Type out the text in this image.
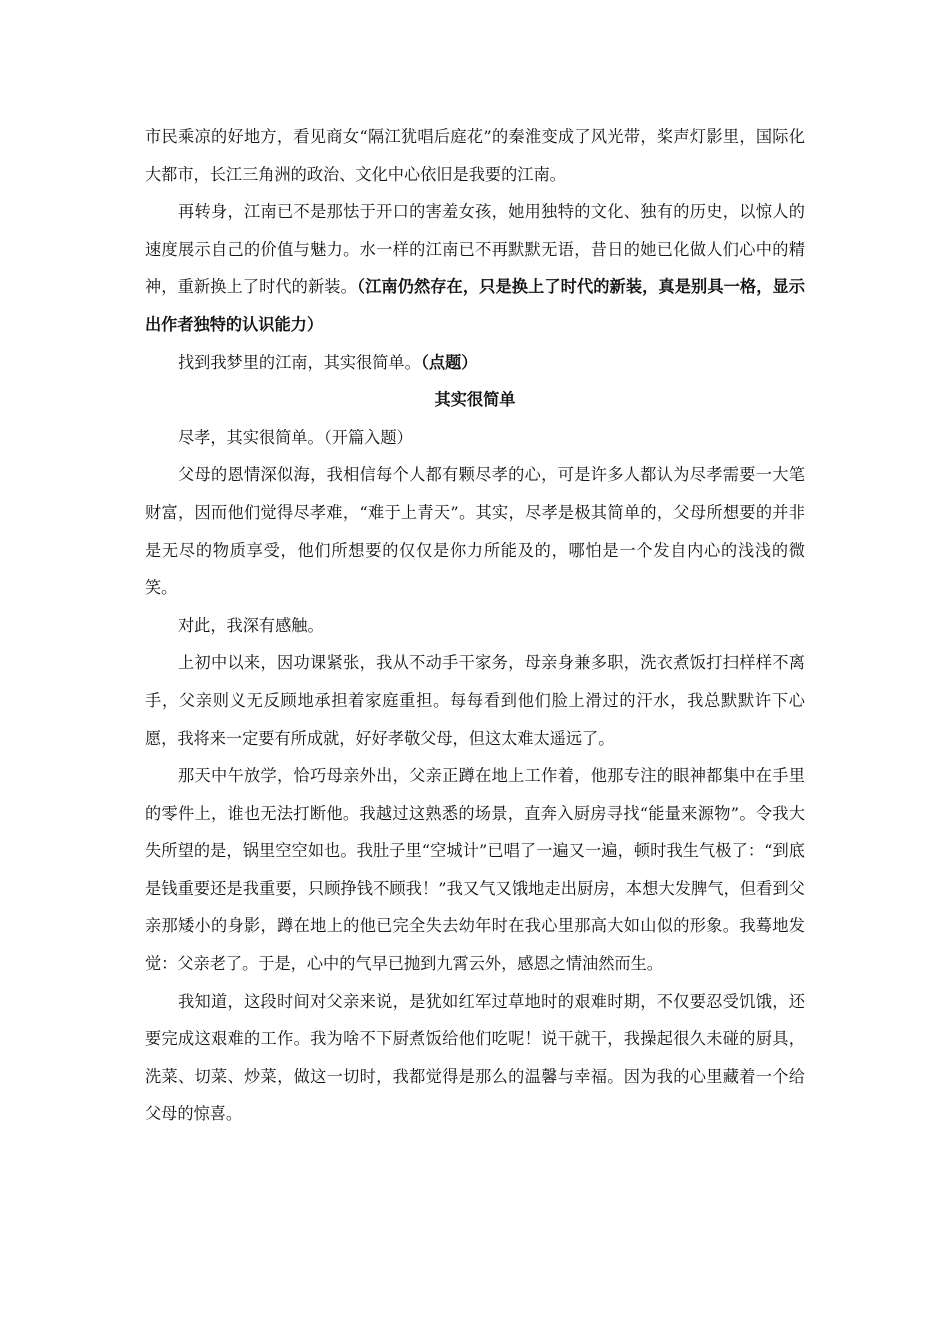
市民乘凉的好地方，看见商女“隔江犹唱后庭花”的秦淮变成了风光带，桨声灯影里，国际化大都市，长江三角洲的政治、文化中心依旧是我要的江南。

再转身，江南已不是那怯于开口的害羞女孩，她用独特的文化、独有的历史，以惊人的速度展示自己的价值与魅力。水一样的江南已不再默默无语，昔日的她已化做人们心中的精神，重新换上了时代的新装。（江南仍然存在，只是换上了时代的新装，真是别具一格，显示出作者独特的认识能力）

找到我梦里的江南，其实很简单。（点题）

其实很简单

尽孝，其实很简单。（开篇入题）

父母的恩情深似海，我相信每个人都有颗尽孝的心，可是许多人都认为尽孝需要一大笔财富，因而他们觉得尽孝难，“难于上青天”。其实，尽孝是极其简单的，父母所想要的并非是无尽的物质享受，他们所想要的仅仅是你力所能及的，哪怕是一个发自内心的浅浅的微笑。

对此，我深有感触。

上初中以来，因功课紧张，我从不动手干家务，母亲身兼多职，洗衣煮饭打扫样样不离手，父亲则义无反顾地承担着家庭重担。每每看到他们脸上滑过的汗水，我总默默许下心愿，我将来一定要有所成就，好好孝敬父母，但这太难太遥远了。

那天中午放学，恰巧母亲外出，父亲正蹲在地上工作着，他那专注的眼神都集中在手里的零件上，谁也无法打断他。我越过这熟悉的场景，直奔入厨房寻找“能量来源物”。令我大失所望的是，锅里空空如也。我肚子里“空城计”已唱了一遍又一遍，顿时我生气极了：“到底是钱重要还是我重要，只顾挣钱不顾我！”我又气又饿地走出厨房，本想大发脾气，但看到父亲那矮小的身影，蹲在地上的他已完全失去幼年时在我心里那高大如山似的形象。我蓦地发觉：父亲老了。于是，心中的气早已抛到九霄云外，感恩之情油然而生。

我知道，这段时间对父亲来说，是犹如红军过草地时的艰难时期，不仅要忍受饥饿，还要完成这艰难的工作。我为啥不下厨煮饭给他们吃呢！说干就干，我操起很久未碰的厨具，洗菜、切菜、炒菜，做这一切时，我都觉得是那么的温馨与幸福。因为我的心里藏着一个给父母的惊喜。
